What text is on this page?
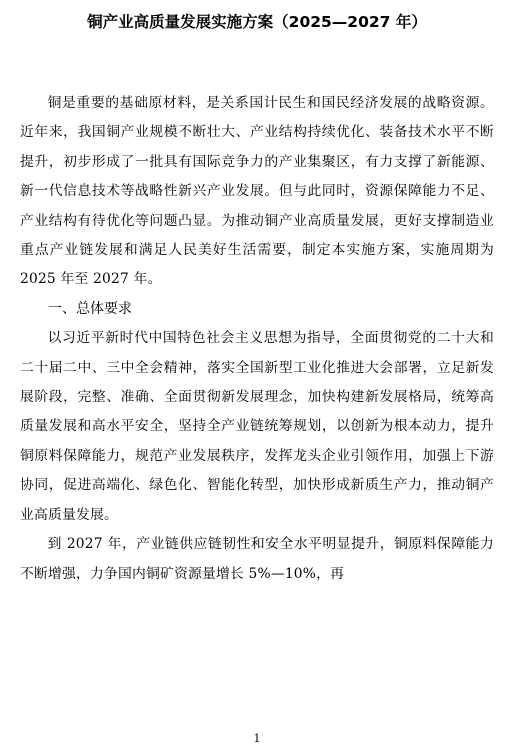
铜产业高质量发展实施方案（2025—2027 年）

铜是重要的基础原材料，是关系国计民生和国民经济发展的战略资源。近年来，我国铜产业规模不断壮大、产业结构持续优化、装备技术水平不断提升，初步形成了一批具有国际竞争力的产业集聚区，有力支撑了新能源、新一代信息技术等战略性新兴产业发展。但与此同时，资源保障能力不足、产业结构有待优化等问题凸显。为推动铜产业高质量发展，更好支撑制造业重点产业链发展和满足人民美好生活需要，制定本实施方案，实施周期为 2025 年至 2027 年。

一、总体要求

以习近平新时代中国特色社会主义思想为指导，全面贯彻党的二十大和二十届二中、三中全会精神，落实全国新型工业化推进大会部署，立足新发展阶段，完整、准确、全面贯彻新发展理念，加快构建新发展格局，统筹高质量发展和高水平安全，坚持全产业链统筹规划，以创新为根本动力，提升铜原料保障能力，规范产业发展秩序，发挥龙头企业引领作用，加强上下游协同，促进高端化、绿色化、智能化转型，加快形成新质生产力，推动铜产业高质量发展。

到 2027 年，产业链供应链韧性和安全水平明显提升，铜原料保障能力不断增强，力争国内铜矿资源量增长 5%—10%，再

1
